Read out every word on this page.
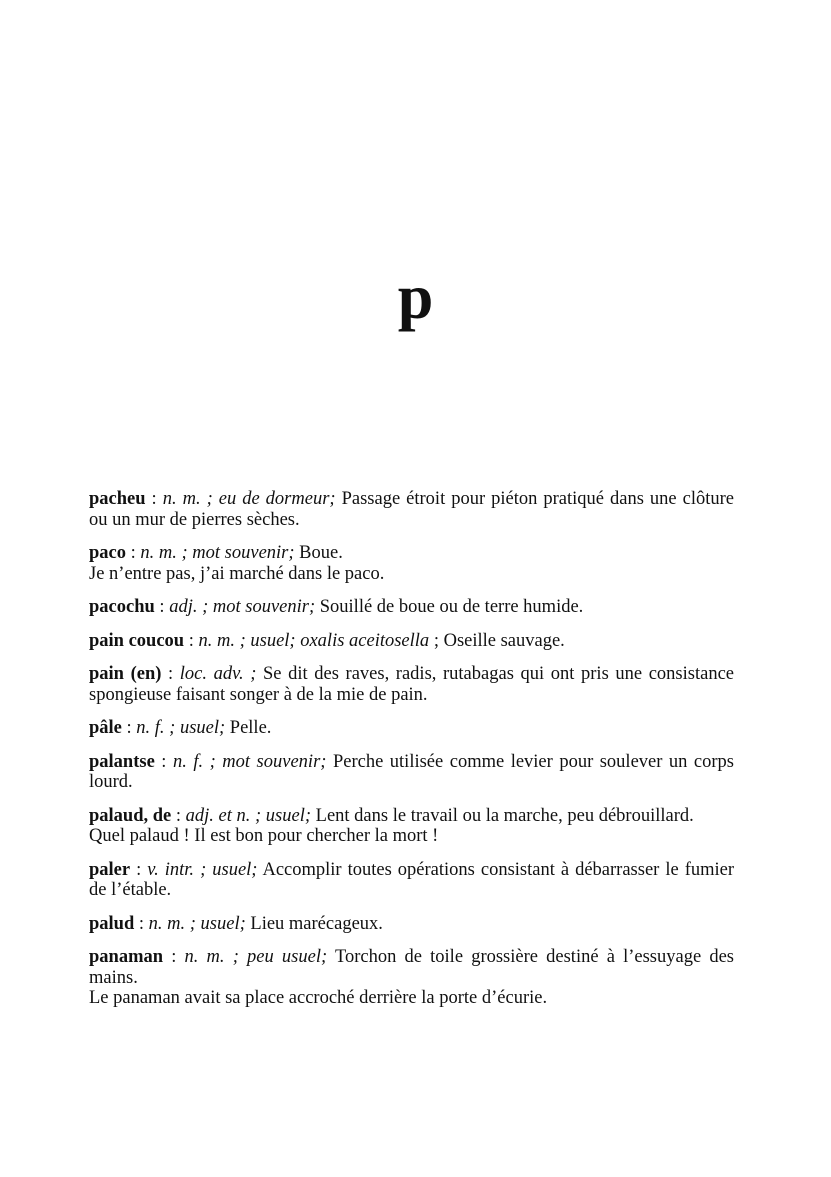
p
pacheu : n. m. ; eu de dormeur; Passage étroit pour piéton pratiqué dans une clôture ou un mur de pierres sèches.
paco : n. m. ; mot souvenir; Boue.
Je n’entre pas, j’ai marché dans le paco.
pacochu : adj. ; mot souvenir; Souillé de boue ou de terre humide.
pain coucou : n. m. ; usuel; oxalis aceitosella ; Oseille sauvage.
pain (en) : loc. adv. ; Se dit des raves, radis, rutabagas qui ont pris une consistance spongieuse faisant songer à de la mie de pain.
pâle : n. f. ; usuel; Pelle.
palantse : n. f. ; mot souvenir; Perche utilisée comme levier pour soulever un corps lourd.
palaud, de : adj. et n. ; usuel; Lent dans le travail ou la marche, peu débrouillard.
Quel palaud ! Il est bon pour chercher la mort !
paler : v. intr. ; usuel; Accomplir toutes opérations consistant à débarrasser le fumier de l’étable.
palud : n. m. ; usuel; Lieu marécageux.
panaman : n. m. ; peu usuel; Torchon de toile grossière destiné à l’essuyage des mains.
Le panaman avait sa place accroché derrière la porte d’écurie.
